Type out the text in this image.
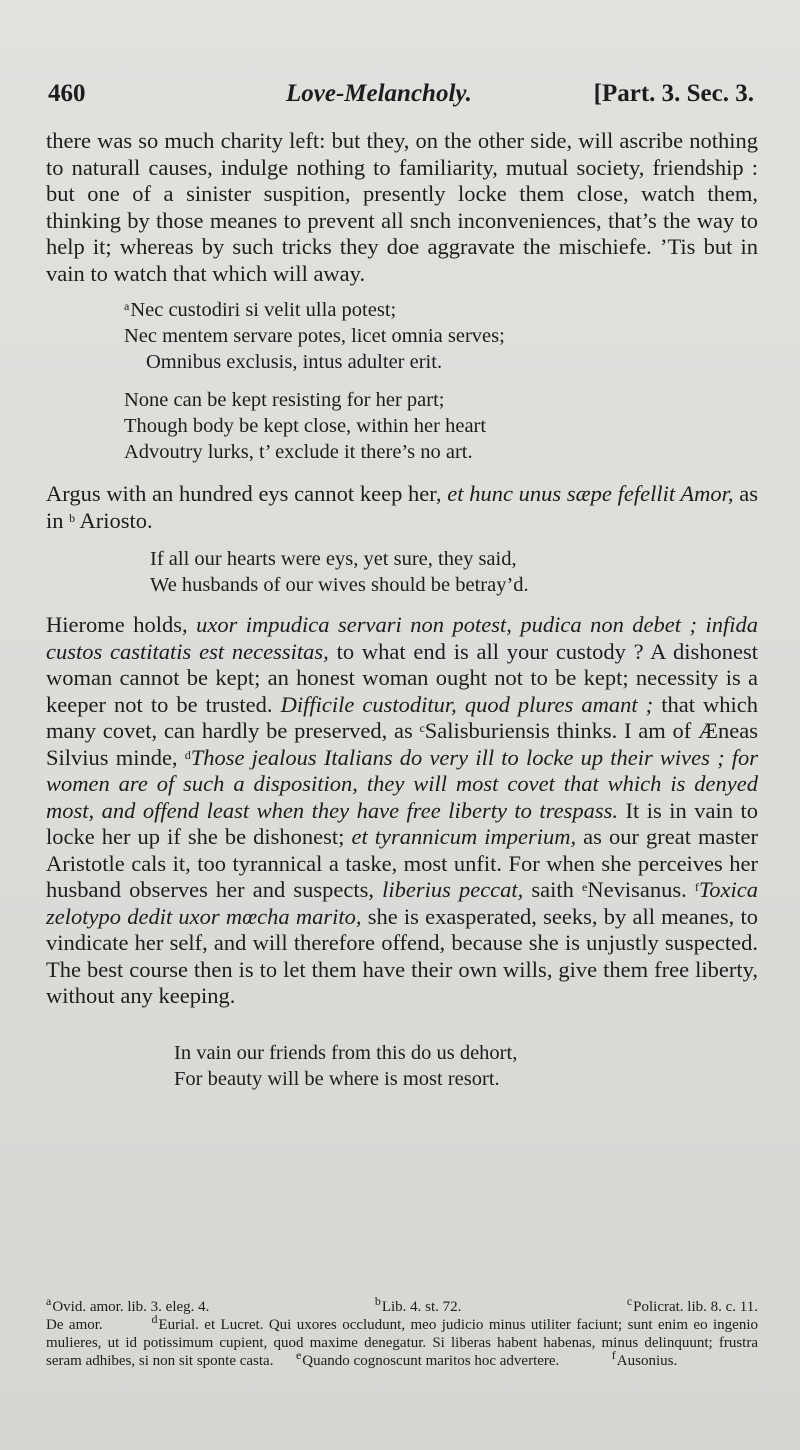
460	Love-Melancholy.	[Part. 3. Sec. 3.

there was so much charity left: but they, on the other side, will ascribe nothing to naturall causes, indulge nothing to familiarity, mutual society, friendship : but one of a sinister suspition, presently locke them close, watch them, thinking by those meanes to prevent all snch inconveniences, that’s the way to help it; whereas by such tricks they doe aggravate the mischiefe. ’Tis but in vain to watch that which will away.

$^a$Nec custodiri si velit ulla potest;
Nec mentem servare potes, licet omnia serves;
Omnibus exclusis, intus adulter erit.
None can be kept resisting for her part;
Though body be kept close, within her heart
Advoutry lurks, t’ exclude it there’s no art.

Argus with an hundred eys cannot keep her, et hunc unus sæpe fefellit Amor, as in $^b$ Ariosto.

If all our hearts were eys, yet sure, they said,
We husbands of our wives should be betray’d.

Hierome holds, uxor impudica servari non potest, pudica non debet ; infida custos castitatis est necessitas, to what end is all your custody ? A dishonest woman cannot be kept; an honest woman ought not to be kept; necessity is a keeper not to be trusted. Difficile custoditur, quod plures amant ; that which many covet, can hardly be preserved, as $^c$Salisburiensis thinks. I am of Æneas Silvius minde, $^d$Those jealous Italians do very ill to locke up their wives ; for women are of such a disposition, they will most covet that which is denyed most, and offend least when they have free liberty to trespass. It is in vain to locke her up if she be dishonest; et tyrannicum imperium, as our great master Aristotle cals it, too tyrannical a taske, most unfit. For when she perceives her husband observes her and suspects, liberius peccat, saith $^e$Nevisanus. $^f$Toxica zelotypo dedit uxor mœcha marito, she is exasperated, seeks, by all meanes, to vindicate her self, and will therefore offend, because she is unjustly suspected. The best course then is to let them have their own wills, give them free liberty, without any keeping.

In vain our friends from this do us dehort,
For beauty will be where is most resort.
$^a$Ovid. amor. lib. 3. eleg. 4.	$^b$Lib. 4. st. 72.	$^c$Policrat. lib. 8. c. 11.

De amor.	$^d$Eurial. et Lucret. Qui uxores occludunt, meo judicio minus utiliter faciunt; sunt enim eo ingenio mulieres, ut id potissimum cupient, quod maxime denegatur. Si liberas habent habenas, minus delinquunt; frustra seram adhibes, si non sit sponte casta. $^e$Quando cognoscunt maritos hoc advertere.	$^f$Ausonius.
